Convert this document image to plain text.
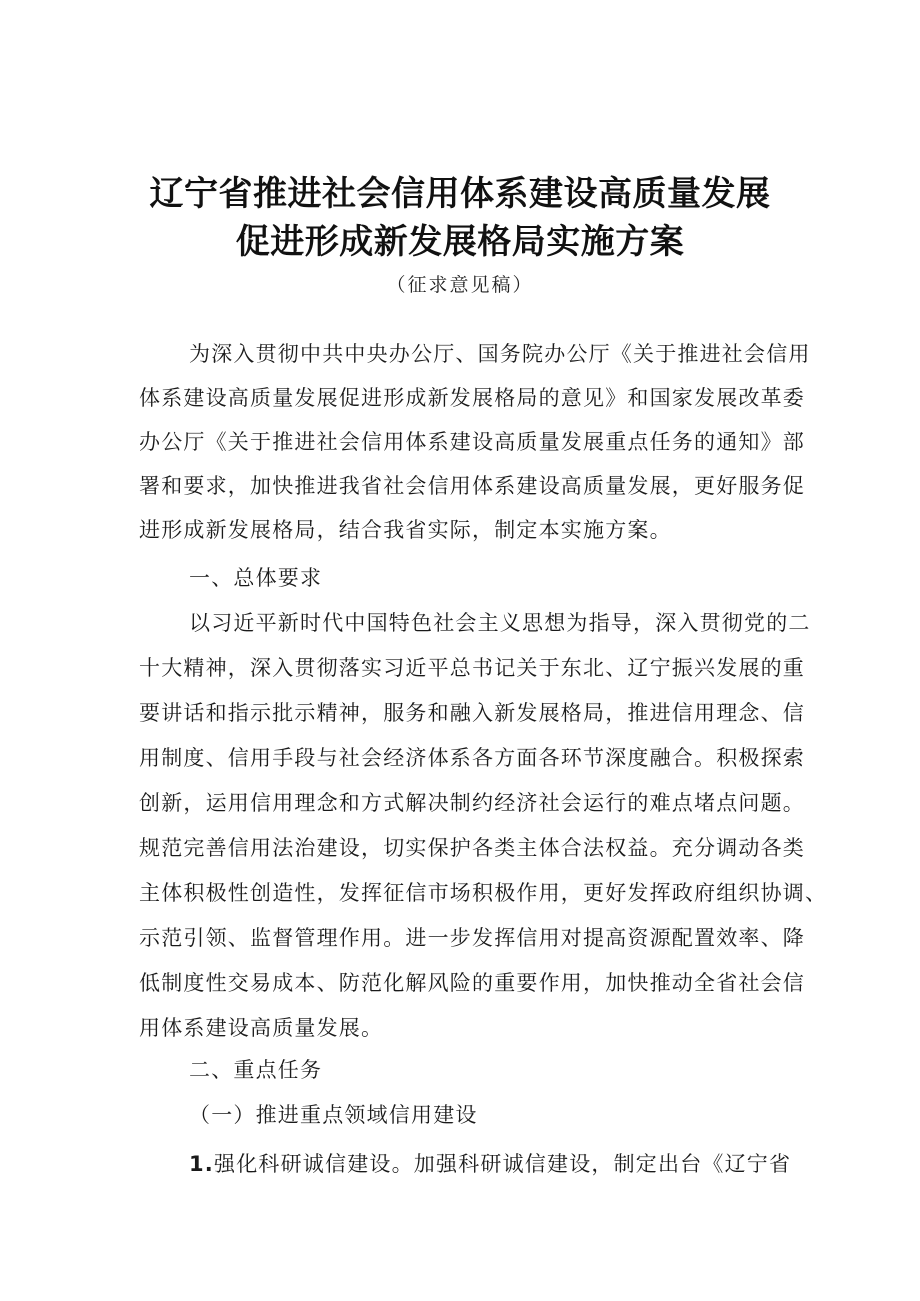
辽宁省推进社会信用体系建设高质量发展
促进形成新发展格局实施方案
（征求意见稿）
为深入贯彻中共中央办公厅、国务院办公厅《关于推进社会信用
体系建设高质量发展促进形成新发展格局的意见》和国家发展改革委
办公厅《关于推进社会信用体系建设高质量发展重点任务的通知》部
署和要求，加快推进我省社会信用体系建设高质量发展，更好服务促
进形成新发展格局，结合我省实际，制定本实施方案。
一、总体要求
以习近平新时代中国特色社会主义思想为指导，深入贯彻党的二
十大精神，深入贯彻落实习近平总书记关于东北、辽宁振兴发展的重
要讲话和指示批示精神，服务和融入新发展格局，推进信用理念、信
用制度、信用手段与社会经济体系各方面各环节深度融合。积极探索
创新，运用信用理念和方式解决制约经济社会运行的难点堵点问题。
规范完善信用法治建设，切实保护各类主体合法权益。充分调动各类
主体积极性创造性，发挥征信市场积极作用，更好发挥政府组织协调、
示范引领、监督管理作用。进一步发挥信用对提高资源配置效率、降
低制度性交易成本、防范化解风险的重要作用，加快推动全省社会信
用体系建设高质量发展。
二、重点任务
（一）推进重点领域信用建设
1.强化科研诚信建设。加强科研诚信建设，制定出台《辽宁省
